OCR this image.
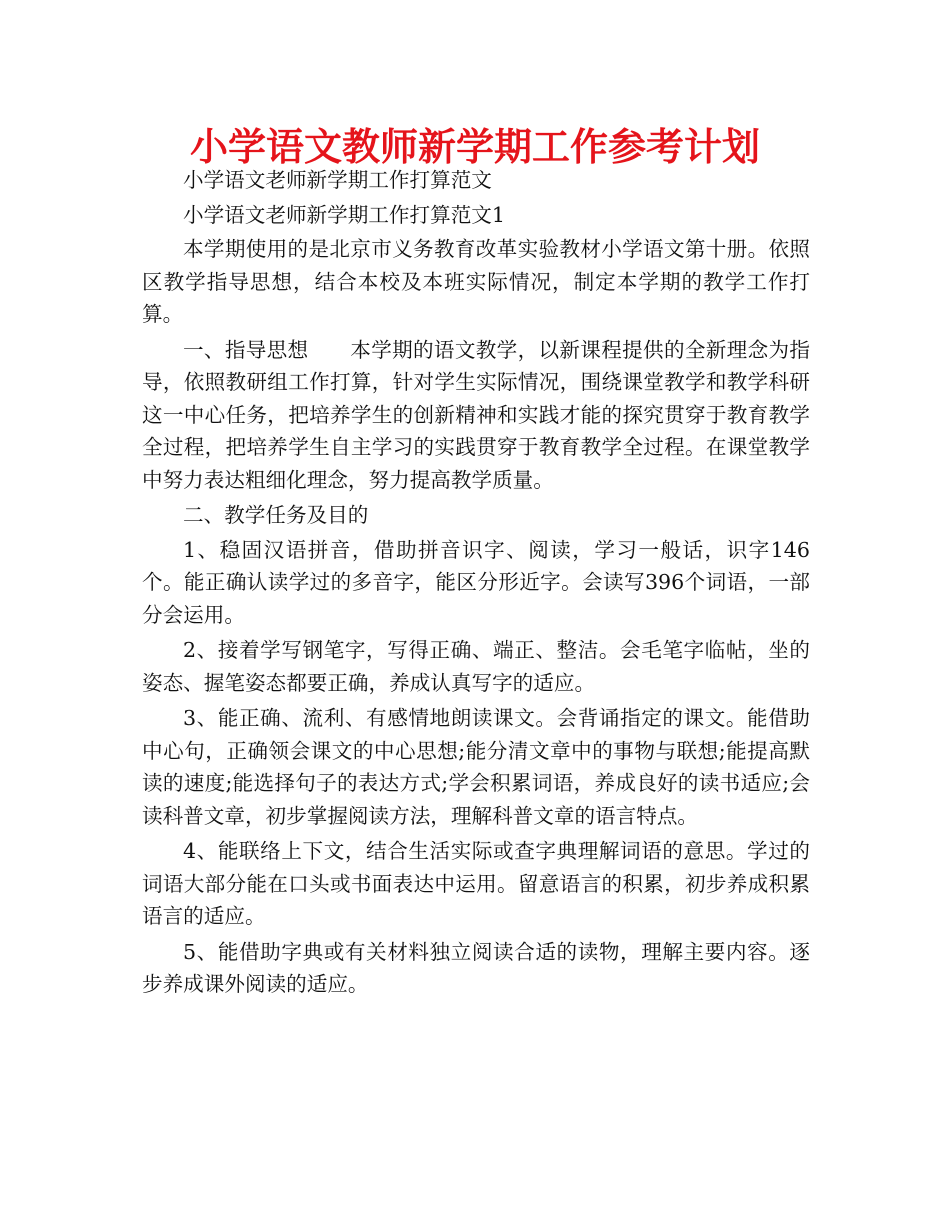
小学语文教师新学期工作参考计划

小学语文老师新学期工作打算范文

小学语文老师新学期工作打算范文1

本学期使用的是北京市义务教育改革实验教材小学语文第十册。依照区教学指导思想，结合本校及本班实际情况，制定本学期的教学工作打算。

一、指导思想　　本学期的语文教学，以新课程提供的全新理念为指导，依照教研组工作打算，针对学生实际情况，围绕课堂教学和教学科研这一中心任务，把培养学生的创新精神和实践才能的探究贯穿于教育教学全过程，把培养学生自主学习的实践贯穿于教育教学全过程。在课堂教学中努力表达粗细化理念，努力提高教学质量。

二、教学任务及目的

1、稳固汉语拼音，借助拼音识字、阅读，学习一般话，识字146个。能正确认读学过的多音字，能区分形近字。会读写396个词语，一部分会运用。

2、接着学写钢笔字，写得正确、端正、整洁。会毛笔字临帖，坐的姿态、握笔姿态都要正确，养成认真写字的适应。

3、能正确、流利、有感情地朗读课文。会背诵指定的课文。能借助中心句，正确领会课文的中心思想;能分清文章中的事物与联想;能提高默读的速度;能选择句子的表达方式;学会积累词语，养成良好的读书适应;会读科普文章，初步掌握阅读方法，理解科普文章的语言特点。

4、能联络上下文，结合生活实际或查字典理解词语的意思。学过的词语大部分能在口头或书面表达中运用。留意语言的积累，初步养成积累语言的适应。

5、能借助字典或有关材料独立阅读合适的读物，理解主要内容。逐步养成课外阅读的适应。
